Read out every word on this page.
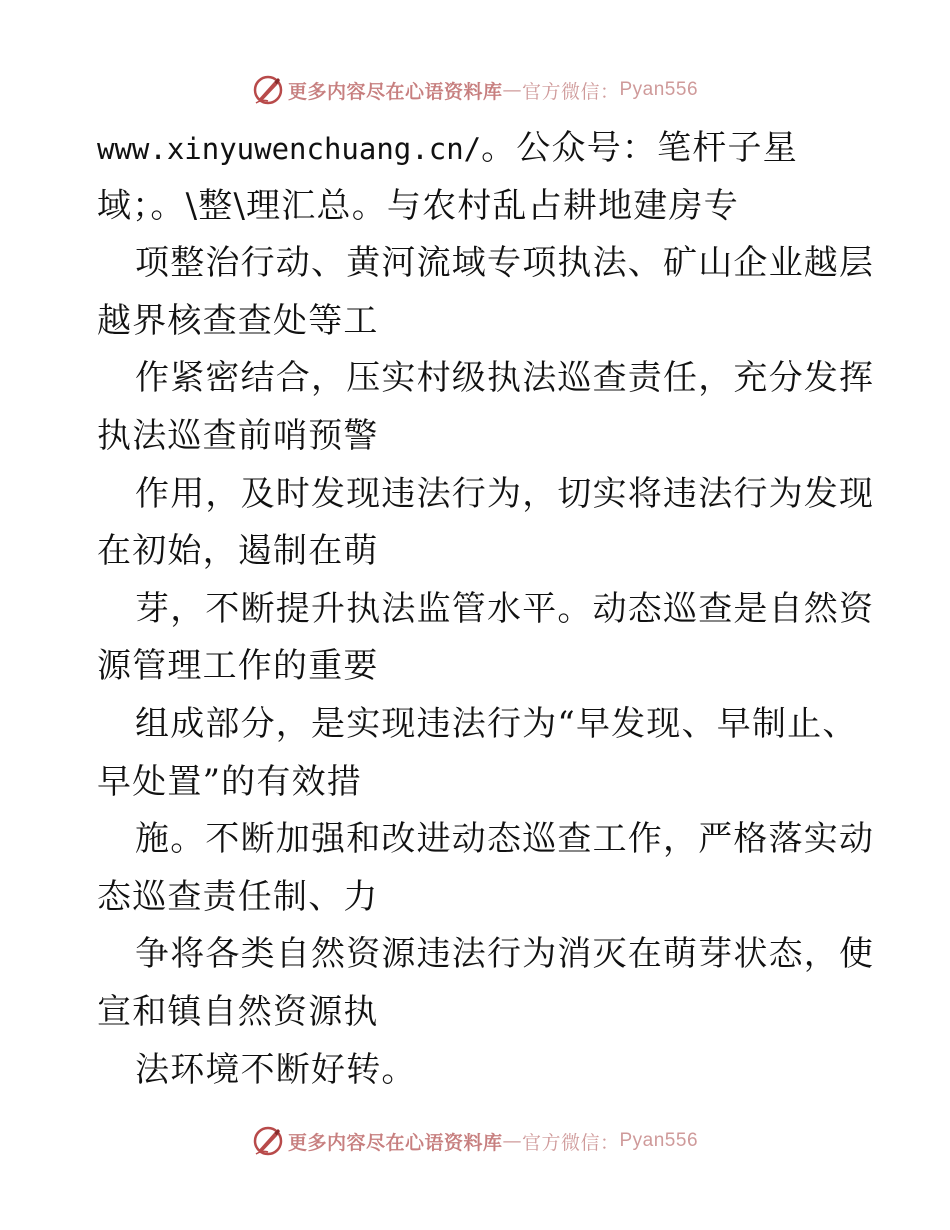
更多内容尽在心语资料库 — 官方微信： Pyan556
www.xinyuwenchuang.cn/。公众号：笔杆子星
域；。\整\理汇总。与农村乱占耕地建房专
项整治行动、黄河流域专项执法、矿山企业越层
越界核查查处等工
作紧密结合，压实村级执法巡查责任，充分发挥
执法巡查前哨预警
作用，及时发现违法行为，切实将违法行为发现
在初始，遏制在萌
芽，不断提升执法监管水平。动态巡查是自然资
源管理工作的重要
组成部分，是实现违法行为“早发现、早制止、
早处置”的有效措
施。不断加强和改进动态巡查工作，严格落实动
态巡查责任制、力
争将各类自然资源违法行为消灭在萌芽状态，使
宣和镇自然资源执
法环境不断好转。
更多内容尽在心语资料库 — 官方微信： Pyan556
